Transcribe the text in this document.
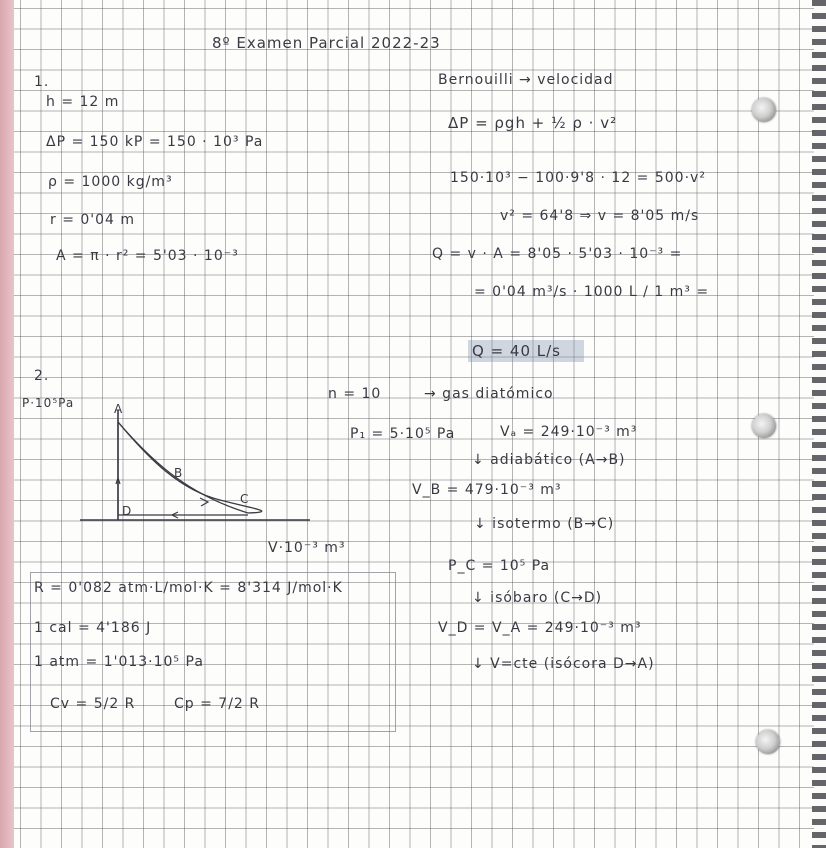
8º Examen Parcial 2022-23
1.
h = 12 m
ΔP = 150 kP = 150 · 10³ Pa
ρ = 1000 kg/m³
r = 0'04 m
A = π · r² = 5'03 · 10⁻³
Bernouilli → velocidad
ΔP = ρgh + ½ ρ · v²
150·10³ − 100·9'8 · 12 = 500·v²
v² = 64'8 ⇒ v = 8'05 m/s
Q = v · A = 8'05 · 5'03 · 10⁻³ =
= 0'04 m³/s · 1000 L / 1 m³ =
Q = 40 L/s
2.
P·10⁵Pa	A
B
C
D
V·10⁻³ m³
n = 10	→ gas diatómico
P₁ = 5·10⁵ Pa	Vₐ = 249·10⁻³ m³
↓ adiabático (A→B)
V_B = 479·10⁻³ m³
↓ isotermo (B→C)
P_C = 10⁵ Pa
↓ isóbaro (C→D)
V_D = V_A = 249·10⁻³ m³
↓ V=cte (isócora D→A)
R = 0'082 atm·L/mol·K = 8'314 J/mol·K
1 cal = 4'186 J
1 atm = 1'013·10⁵ Pa
Cv = 5/2 R	Cp = 7/2 R
